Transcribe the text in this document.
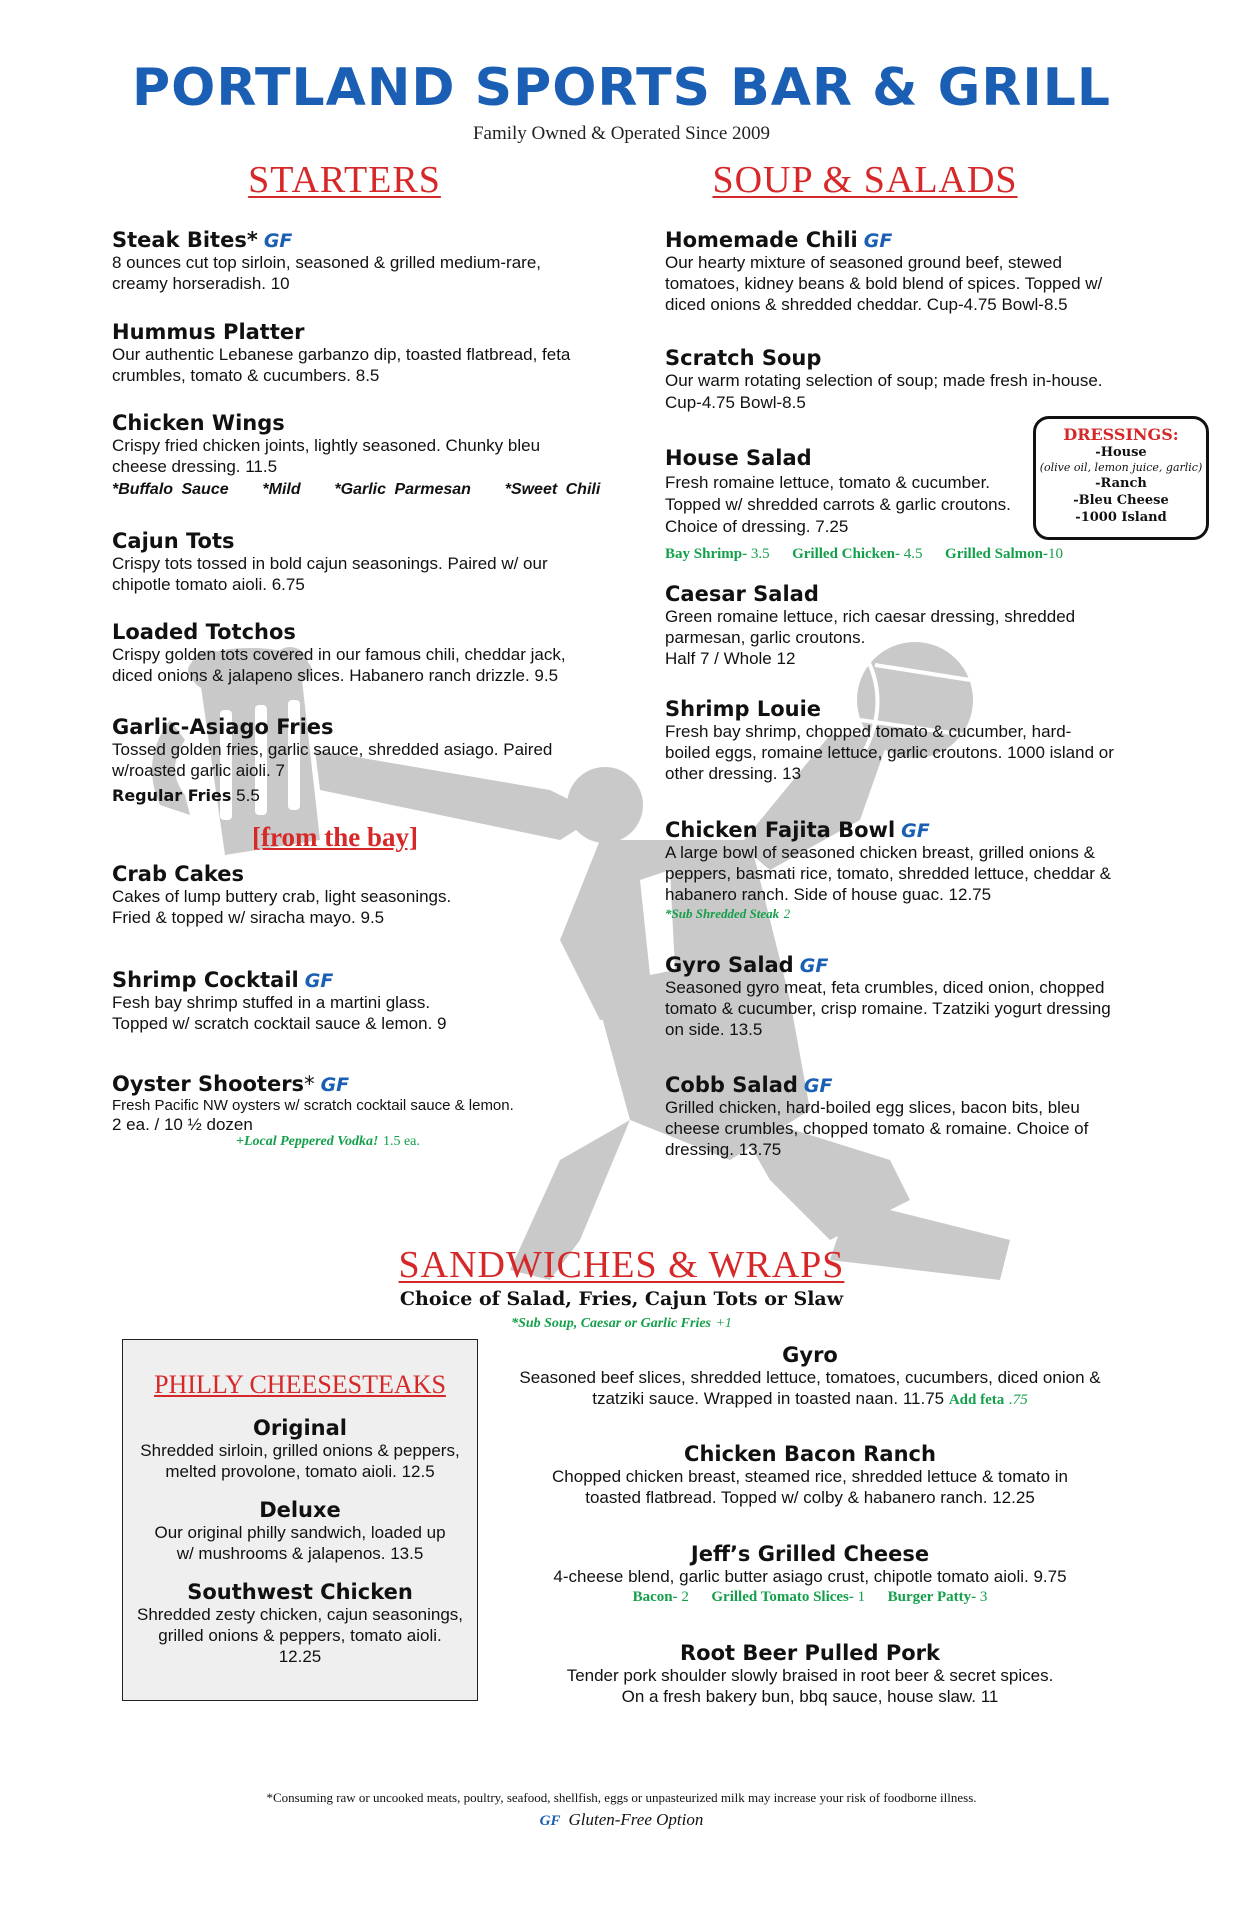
PORTLAND SPORTS BAR & GRILL
Family Owned & Operated Since 2009
STARTERS
Steak Bites* GF
8 ounces cut top sirloin, seasoned & grilled medium-rare,
creamy horseradish. 10
Hummus Platter
Our authentic Lebanese garbanzo dip, toasted flatbread, feta
crumbles, tomato & cucumbers. 8.5
Chicken Wings
Crispy fried chicken joints, lightly seasoned. Chunky bleu
cheese dressing. 11.5
*Buffalo Sauce    *Mild    *Garlic Parmesan    *Sweet Chili
Cajun Tots
Crispy tots tossed in bold cajun seasonings. Paired w/ our
chipotle tomato aioli. 6.75
Loaded Totchos
Crispy golden tots covered in our famous chili, cheddar jack,
diced onions & jalapeno slices. Habanero ranch drizzle. 9.5
Garlic-Asiago Fries
Tossed golden fries, garlic sauce, shredded asiago. Paired
w/roasted garlic aioli. 7
Regular Fries 5.5
[from the bay]
Crab Cakes
Cakes of lump buttery crab, light seasonings.
Fried & topped w/ siracha mayo. 9.5
Shrimp Cocktail GF
Fesh bay shrimp stuffed in a martini glass.
Topped w/ scratch cocktail sauce & lemon. 9
Oyster Shooters* GF
Fresh Pacific NW oysters w/ scratch cocktail sauce & lemon.
2 ea. / 10 ½ dozen
+Local Peppered Vodka! 1.5 ea.
SOUP & SALADS
Homemade Chili GF
Our hearty mixture of seasoned ground beef, stewed
tomatoes, kidney beans & bold blend of spices. Topped w/
diced onions & shredded cheddar. Cup-4.75 Bowl-8.5
Scratch Soup
Our warm rotating selection of soup; made fresh in-house.
Cup-4.75 Bowl-8.5
House Salad
Fresh romaine lettuce, tomato & cucumber.
Topped w/ shredded carrots & garlic croutons.
Choice of dressing. 7.25
Bay Shrimp- 3.5 Grilled Chicken- 4.5 Grilled Salmon-10
DRESSINGS:
-House
(olive oil, lemon juice, garlic)
-Ranch
-Bleu Cheese
-1000 Island
Caesar Salad
Green romaine lettuce, rich caesar dressing, shredded
parmesan, garlic croutons.
Half 7 / Whole 12
Shrimp Louie
Fresh bay shrimp, chopped tomato & cucumber, hard-
boiled eggs, romaine lettuce, garlic croutons. 1000 island or
other dressing. 13
Chicken Fajita Bowl GF
A large bowl of seasoned chicken breast, grilled onions &
peppers, basmati rice, tomato, shredded lettuce, cheddar &
habanero ranch. Side of house guac. 12.75
*Sub Shredded Steak 2
Gyro Salad GF
Seasoned gyro meat, feta crumbles, diced onion, chopped
tomato & cucumber, crisp romaine. Tzatziki yogurt dressing
on side. 13.5
Cobb Salad GF
Grilled chicken, hard-boiled egg slices, bacon bits, bleu
cheese crumbles, chopped tomato & romaine. Choice of
dressing. 13.75
SANDWICHES & WRAPS
Choice of Salad, Fries, Cajun Tots or Slaw
*Sub Soup, Caesar or Garlic Fries +1
PHILLY CHEESESTEAKS
Original
Shredded sirloin, grilled onions & peppers,
melted provolone, tomato aioli. 12.5
Deluxe
Our original philly sandwich, loaded up
w/ mushrooms & jalapenos. 13.5
Southwest Chicken
Shredded zesty chicken, cajun seasonings,
grilled onions & peppers, tomato aioli.
12.25
Gyro
Seasoned beef slices, shredded lettuce, tomatoes, cucumbers, diced onion &
tzatziki sauce. Wrapped in toasted naan. 11.75 Add feta .75
Chicken Bacon Ranch
Chopped chicken breast, steamed rice, shredded lettuce & tomato in
toasted flatbread. Topped w/ colby & habanero ranch. 12.25
Jeff’s Grilled Cheese
4-cheese blend, garlic butter asiago crust, chipotle tomato aioli. 9.75
Bacon- 2 Grilled Tomato Slices- 1 Burger Patty- 3
Root Beer Pulled Pork
Tender pork shoulder slowly braised in root beer & secret spices.
On a fresh bakery bun, bbq sauce, house slaw. 11
*Consuming raw or uncooked meats, poultry, seafood, shellfish, eggs or unpasteurized milk may increase your risk of foodborne illness.
GF Gluten-Free Option
